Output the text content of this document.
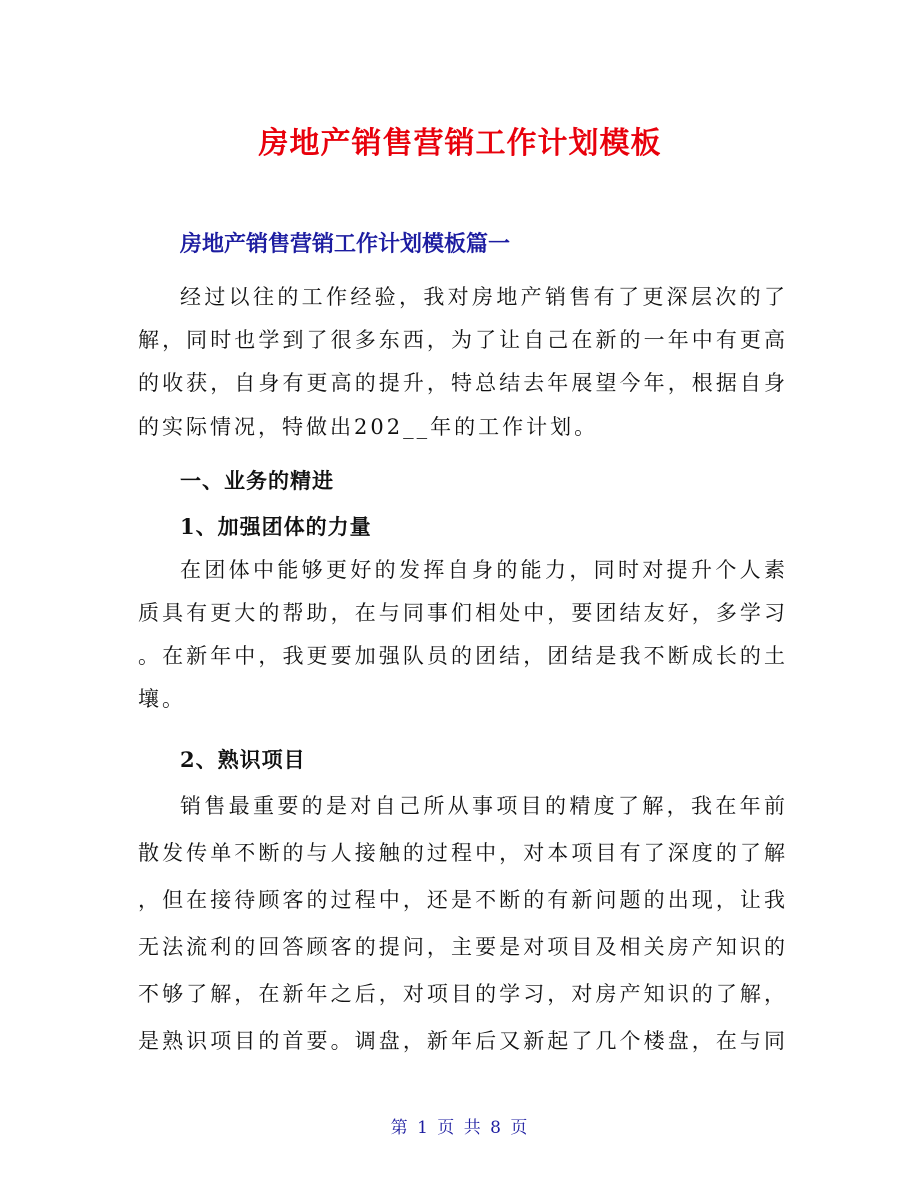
房地产销售营销工作计划模板
房地产销售营销工作计划模板篇一
经过以往的工作经验，我对房地产销售有了更深层次的了
解，同时也学到了很多东西，为了让自己在新的一年中有更高
的收获，自身有更高的提升，特总结去年展望今年，根据自身
的实际情况，特做出202__年的工作计划。
一、业务的精进
1、加强团体的力量
在团体中能够更好的发挥自身的能力，同时对提升个人素
质具有更大的帮助，在与同事们相处中，要团结友好，多学习
。在新年中，我更要加强队员的团结，团结是我不断成长的土
壤。
2、熟识项目
销售最重要的是对自己所从事项目的精度了解，我在年前
散发传单不断的与人接触的过程中，对本项目有了深度的了解
，但在接待顾客的过程中，还是不断的有新问题的出现，让我
无法流利的回答顾客的提问，主要是对项目及相关房产知识的
不够了解，在新年之后，对项目的学习，对房产知识的了解，
是熟识项目的首要。调盘，新年后又新起了几个楼盘，在与同
第 1 页 共 8 页
